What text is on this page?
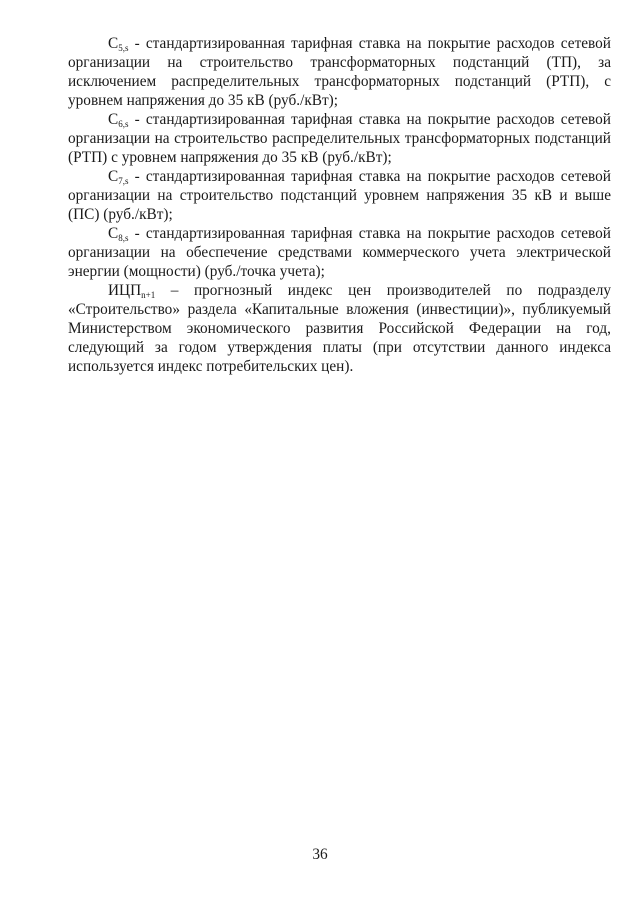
$C_{5,s}$ - стандартизированная тарифная ставка на покрытие расходов сетевой организации на строительство трансформаторных подстанций (ТП), за исключением распределительных трансформаторных подстанций (РТП), с уровнем напряжения до 35 кВ (руб./кВт);

$C_{6,s}$ - стандартизированная тарифная ставка на покрытие расходов сетевой организации на строительство распределительных трансформаторных подстанций (РТП) с уровнем напряжения до 35 кВ (руб./кВт);

$C_{7,s}$ - стандартизированная тарифная ставка на покрытие расходов сетевой организации на строительство подстанций уровнем напряжения 35 кВ и выше (ПС) (руб./кВт);

$C_{8,s}$ - стандартизированная тарифная ставка на покрытие расходов сетевой организации на обеспечение средствами коммерческого учета электрической энергии (мощности) (руб./точка учета);

$ИЦП_{n+1}$ – прогнозный индекс цен производителей по подразделу «Строительство» раздела «Капитальные вложения (инвестиции)», публикуемый Министерством экономического развития Российской Федерации на год, следующий за годом утверждения платы (при отсутствии данного индекса используется индекс потребительских цен).

36
